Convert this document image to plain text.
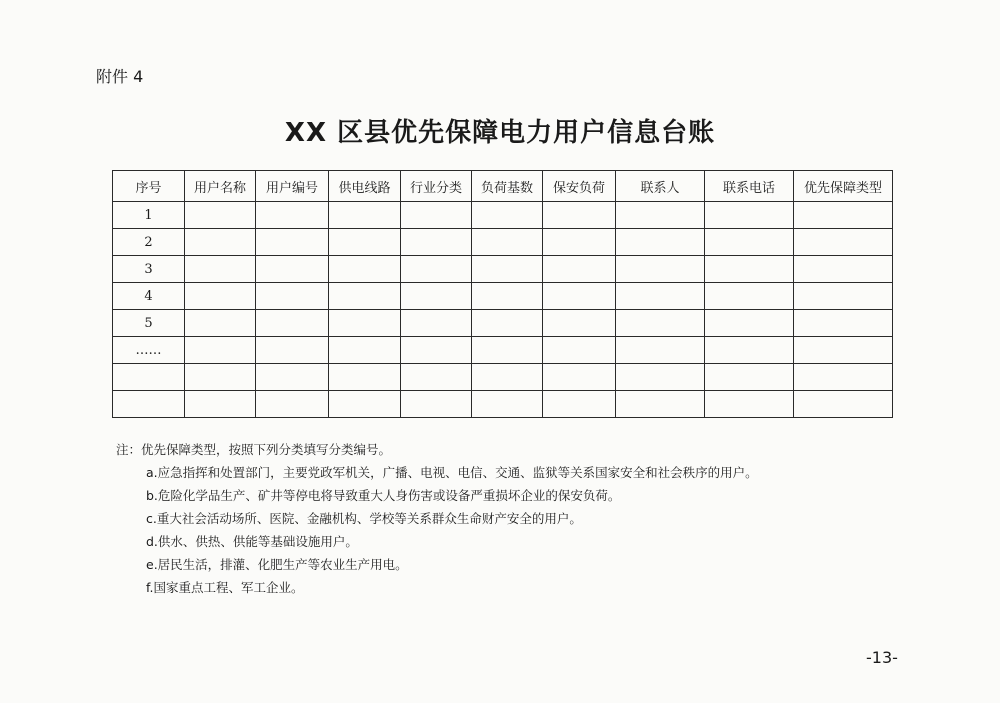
附件 4
XX 区县优先保障电力用户信息台账
序号	用户名称	用户编号	供电线路	行业分类	负荷基数	保安负荷	联系人	联系电话	优先保障类型
1									
2									
3									
4									
5									
……									

注：优先保障类型，按照下列分类填写分类编号。
a.应急指挥和处置部门，主要党政军机关，广播、电视、电信、交通、监狱等关系国家安全和社会秩序的用户。
b.危险化学品生产、矿井等停电将导致重大人身伤害或设备严重损坏企业的保安负荷。
c.重大社会活动场所、医院、金融机构、学校等关系群众生命财产安全的用户。
d.供水、供热、供能等基础设施用户。
e.居民生活，排灌、化肥生产等农业生产用电。
f.国家重点工程、军工企业。
-13-
